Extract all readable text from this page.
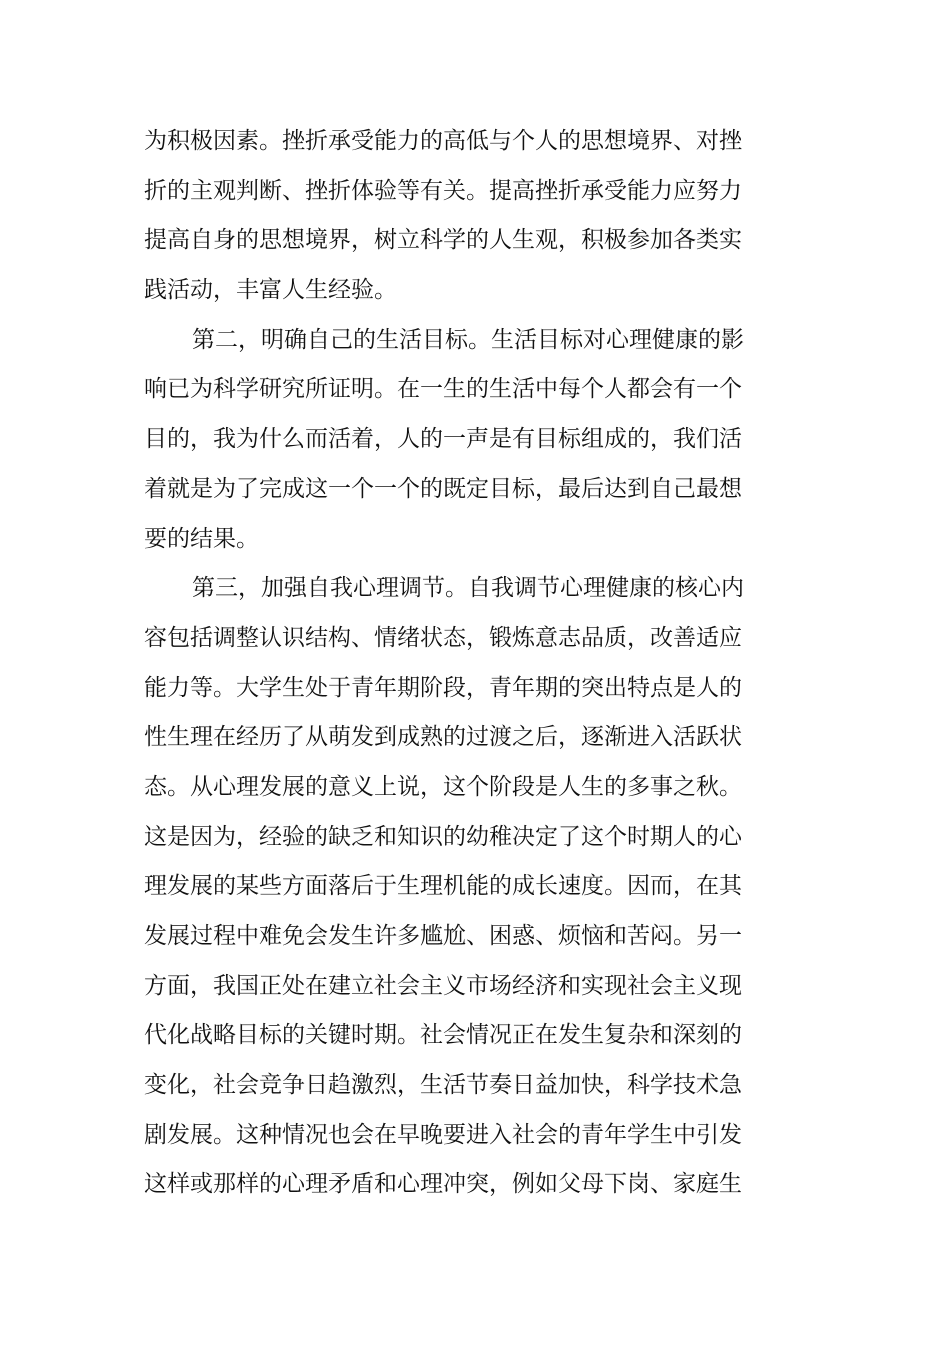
为积极因素。挫折承受能力的高低与个人的思想境界、对挫
折的主观判断、挫折体验等有关。提高挫折承受能力应努力
提高自身的思想境界，树立科学的人生观，积极参加各类实
践活动，丰富人生经验。
第二，明确自己的生活目标。生活目标对心理健康的影
响已为科学研究所证明。在一生的生活中每个人都会有一个
目的，我为什么而活着，人的一声是有目标组成的，我们活
着就是为了完成这一个一个的既定目标，最后达到自己最想
要的结果。
第三，加强自我心理调节。自我调节心理健康的核心内
容包括调整认识结构、情绪状态，锻炼意志品质，改善适应
能力等。大学生处于青年期阶段，青年期的突出特点是人的
性生理在经历了从萌发到成熟的过渡之后，逐渐进入活跃状
态。从心理发展的意义上说，这个阶段是人生的多事之秋。
这是因为，经验的缺乏和知识的幼稚决定了这个时期人的心
理发展的某些方面落后于生理机能的成长速度。因而，在其
发展过程中难免会发生许多尴尬、困惑、烦恼和苦闷。另一
方面，我国正处在建立社会主义市场经济和实现社会主义现
代化战略目标的关键时期。社会情况正在发生复杂和深刻的
变化，社会竞争日趋激烈，生活节奏日益加快，科学技术急
剧发展。这种情况也会在早晚要进入社会的青年学生中引发
这样或那样的心理矛盾和心理冲突，例如父母下岗、家庭生
